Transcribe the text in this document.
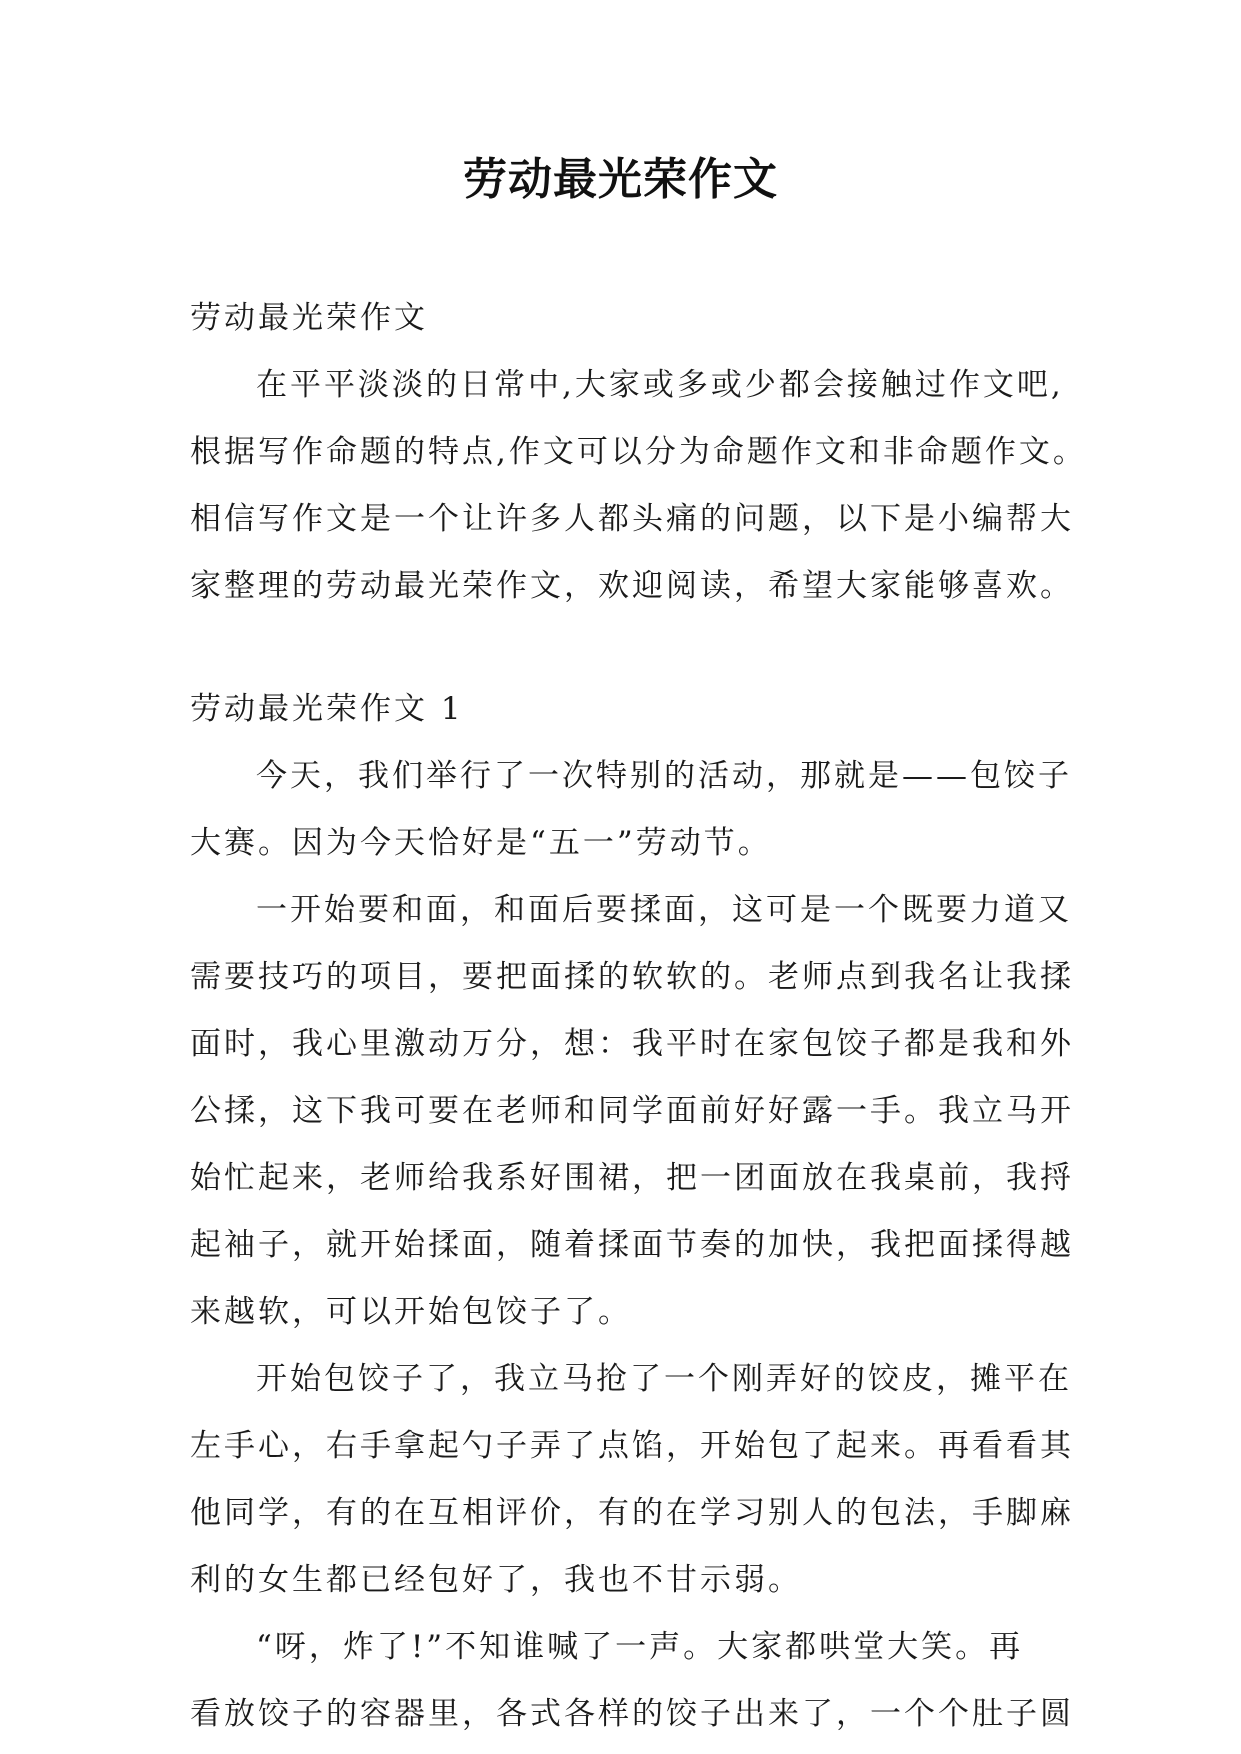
劳动最光荣作文
劳动最光荣作文
在平平淡淡的日常中,大家或多或少都会接触过作文吧,
根据写作命题的特点,作文可以分为命题作文和非命题作文。
相信写作文是一个让许多人都头痛的问题，以下是小编帮大
家整理的劳动最光荣作文，欢迎阅读，希望大家能够喜欢。
劳动最光荣作文 1
今天，我们举行了一次特别的活动，那就是——包饺子
大赛。因为今天恰好是“五一”劳动节。
一开始要和面，和面后要揉面，这可是一个既要力道又
需要技巧的项目，要把面揉的软软的。老师点到我名让我揉
面时，我心里激动万分，想：我平时在家包饺子都是我和外
公揉，这下我可要在老师和同学面前好好露一手。我立马开
始忙起来，老师给我系好围裙，把一团面放在我桌前，我捋
起袖子，就开始揉面，随着揉面节奏的加快，我把面揉得越
来越软，可以开始包饺子了。
开始包饺子了，我立马抢了一个刚弄好的饺皮，摊平在
左手心，右手拿起勺子弄了点馅，开始包了起来。再看看其
他同学，有的在互相评价，有的在学习别人的包法，手脚麻
利的女生都已经包好了，我也不甘示弱。
“呀，炸了!”不知谁喊了一声。大家都哄堂大笑。再
看放饺子的容器里，各式各样的饺子出来了，一个个肚子圆
